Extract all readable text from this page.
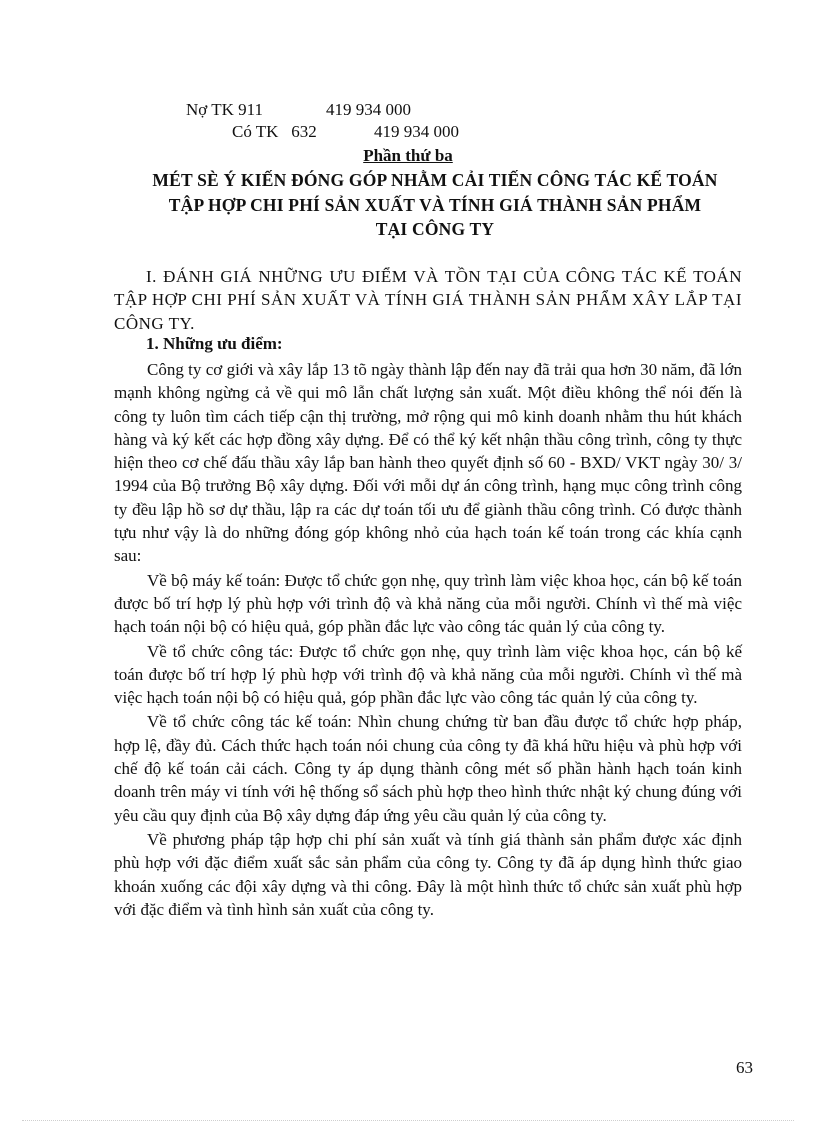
Nợ TK 911

	419 934 000

Có TK   632

	419 934 000

Phần thứ ba
MÉT SÈ Ý KIẾN ĐÓNG GÓP NHẰM CẢI TIẾN CÔNG TÁC KẾ TOÁN
TẬP HỢP CHI PHÍ SẢN XUẤT VÀ TÍNH GIÁ THÀNH SẢN PHẨM
TẠI CÔNG TY
I. ĐÁNH GIÁ NHỮNG ƯU ĐIỂM VÀ TỒN TẠI CỦA CÔNG TÁC KẾ TOÁN TẬP HỢP CHI PHÍ SẢN XUẤT VÀ TÍNH GIÁ THÀNH SẢN PHẨM XÂY LẮP TẠI CÔNG TY.
1. Những ưu điểm:

Công ty cơ giới và xây lắp 13 tõ ngày thành lập đến nay đã trải qua hơn 30 năm, đã lớn mạnh không ngừng cả về qui mô lẫn chất lượng sản xuất. Một điều không thể nói đến là công ty luôn tìm cách tiếp cận thị trường, mở rộng qui mô kinh doanh nhằm thu hút khách hàng và ký kết các hợp đồng xây dựng. Để có thể ký kết nhận thầu công trình, công ty thực hiện theo cơ chế đấu thầu xây lắp ban hành theo quyết định số 60 - BXD/ VKT ngày 30/ 3/ 1994 của Bộ trưởng Bộ xây dựng. Đối với mỗi dự án công trình, hạng mục công trình công ty đều lập hồ sơ dự thầu, lập ra các dự toán tối ưu để giành thầu công trình. Có được thành tựu như vậy là do những đóng góp không nhỏ của hạch toán kế toán trong các khía cạnh sau:

Về bộ máy kế toán: Được tổ chức gọn nhẹ, quy trình làm việc khoa học, cán bộ kế toán được bố trí hợp lý phù hợp với trình độ và khả năng của mỗi người. Chính vì thế mà việc hạch toán nội bộ có hiệu quả, góp phần đắc lực vào công tác quản lý của công ty.

Về tổ chức công tác: Được tổ chức gọn nhẹ, quy trình làm việc khoa học, cán bộ kế toán được bố trí hợp lý phù hợp với trình độ và khả năng của mỗi người. Chính vì thế mà việc hạch toán nội bộ có hiệu quả, góp phần đắc lực vào công tác quản lý của công ty.

Về tổ chức công tác kế toán: Nhìn chung chứng từ ban đầu được tổ chức hợp pháp, hợp lệ, đầy đủ. Cách thức hạch toán nói chung của công ty đã khá hữu hiệu và phù hợp với chế độ kế toán cải cách. Công ty áp dụng thành công mét số phần hành hạch toán kinh doanh trên máy vi tính với hệ thống sổ sách phù hợp theo hình thức nhật ký chung đúng với yêu cầu quy định của Bộ xây dựng đáp ứng yêu cầu quản lý của công ty.

Về phương pháp tập hợp chi phí sản xuất và tính giá thành sản phẩm được xác định phù hợp với đặc điểm xuất sắc sản phẩm của công ty. Công ty đã áp dụng hình thức giao khoán xuống các đội xây dựng và thi công. Đây là một hình thức tổ chức sản xuất phù hợp với đặc điểm và tình hình sản xuất của công ty.

63
